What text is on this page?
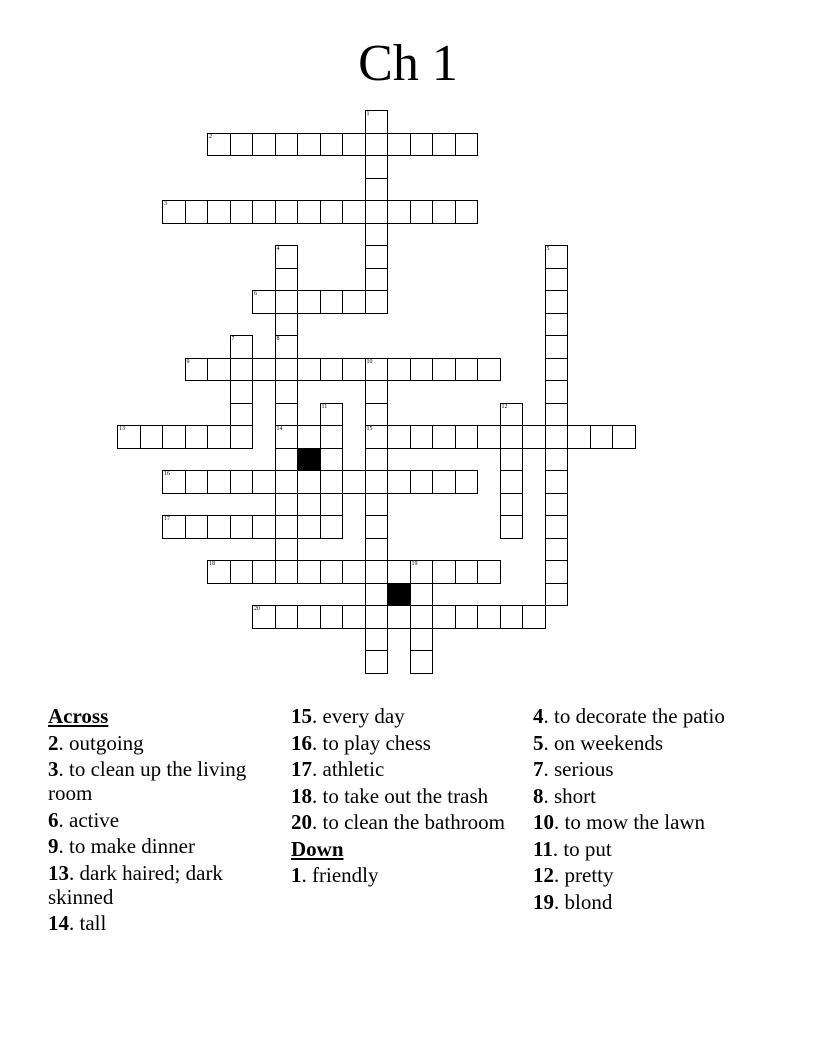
Ch 1
1
2
3
4
8
14
5
6
7
9	10
15
11	12
13
16
17
18	19
20
Across
2. outgoing
3. to clean up the living room
6. active
9. to make dinner
13. dark haired; dark skinned
14. tall
15. every day
16. to play chess
17. athletic
18. to take out the trash
20. to clean the bathroom
Down
1. friendly
4. to decorate the patio
5. on weekends
7. serious
8. short
10. to mow the lawn
11. to put
12. pretty
19. blond
